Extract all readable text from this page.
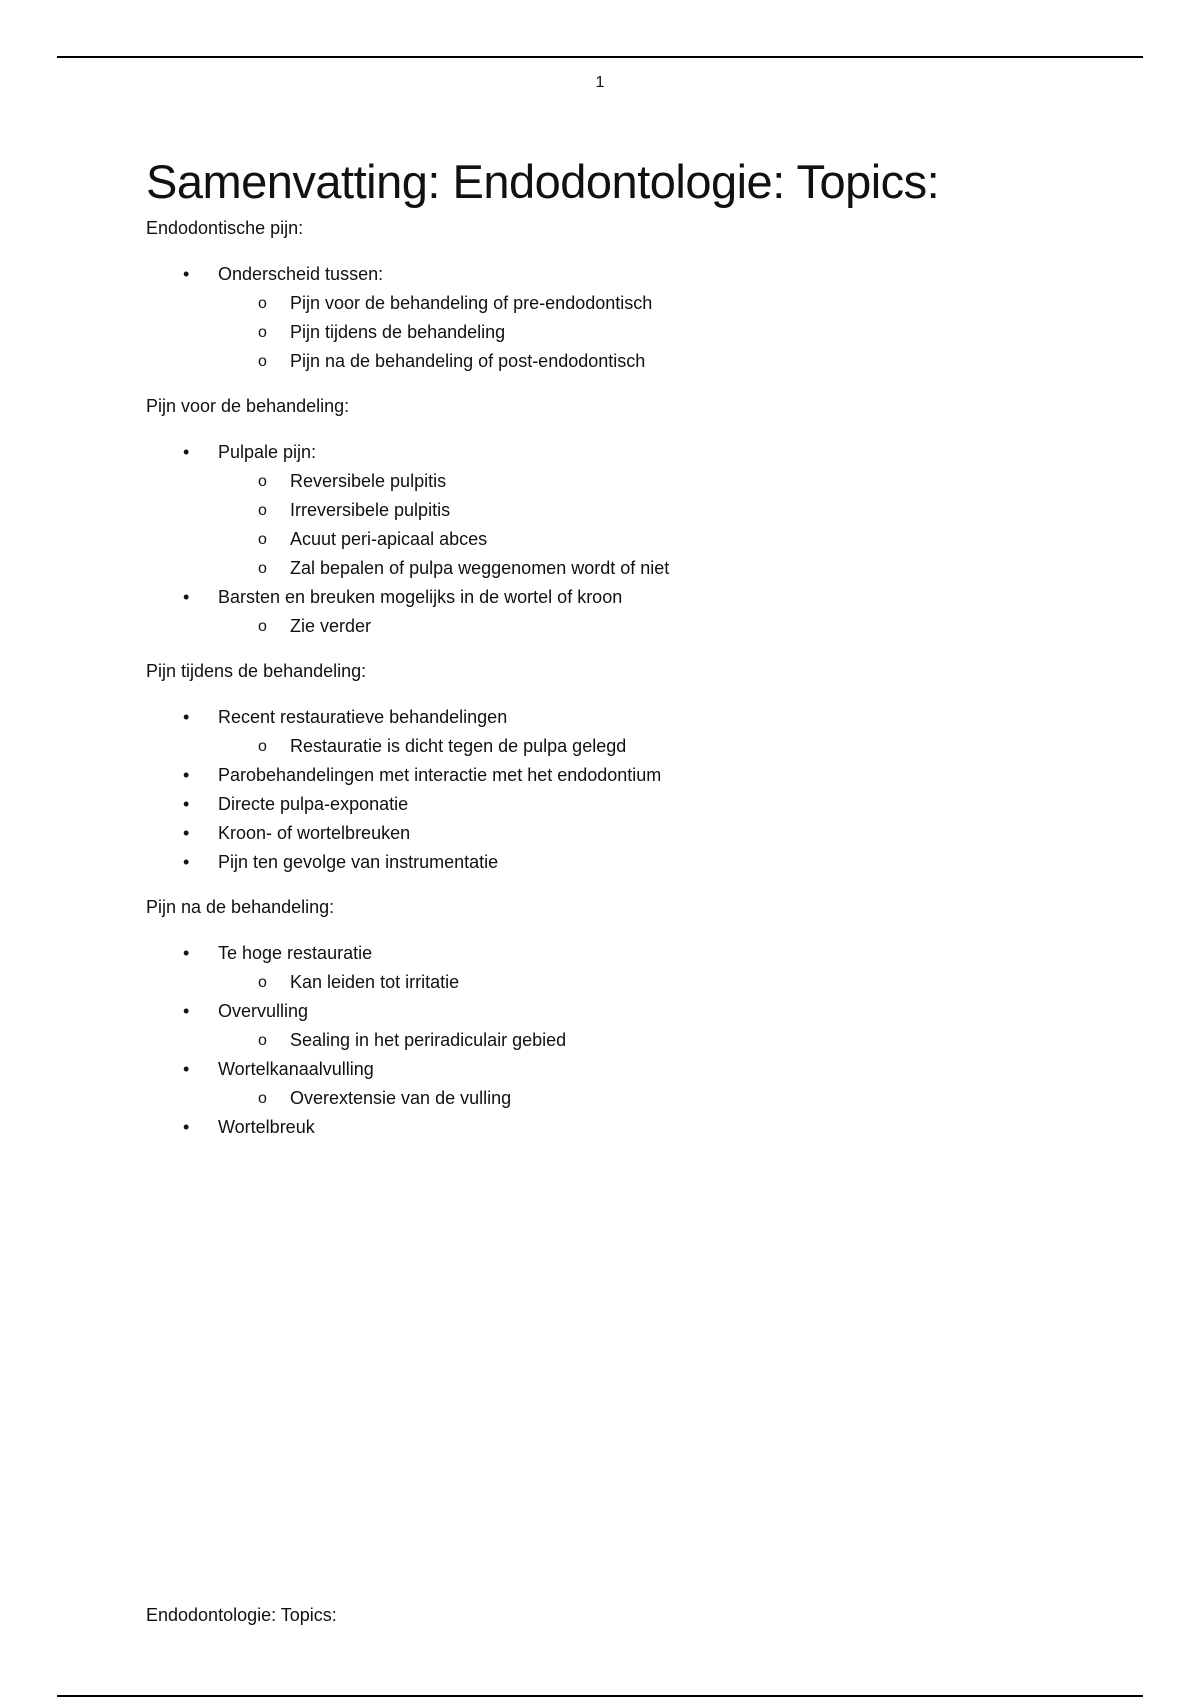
1
Samenvatting: Endodontologie: Topics:

Endodontische pijn:

• Onderscheid tussen:
o Pijn voor de behandeling of pre-endodontisch
o Pijn tijdens de behandeling
o Pijn na de behandeling of post-endodontisch

Pijn voor de behandeling:

• Pulpale pijn:
o Reversibele pulpitis
o Irreversibele pulpitis
o Acuut peri-apicaal abces
o Zal bepalen of pulpa weggenomen wordt of niet
• Barsten en breuken mogelijks in de wortel of kroon
o Zie verder

Pijn tijdens de behandeling:

• Recent restauratieve behandelingen
o Restauratie is dicht tegen de pulpa gelegd
• Parobehandelingen met interactie met het endodontium
• Directe pulpa-exponatie
• Kroon- of wortelbreuken
• Pijn ten gevolge van instrumentatie

Pijn na de behandeling:

• Te hoge restauratie
o Kan leiden tot irritatie
• Overvulling
o Sealing in het periradiculair gebied
• Wortelkanaalvulling
o Overextensie van de vulling
• Wortelbreuk
Endodontologie: Topics:
